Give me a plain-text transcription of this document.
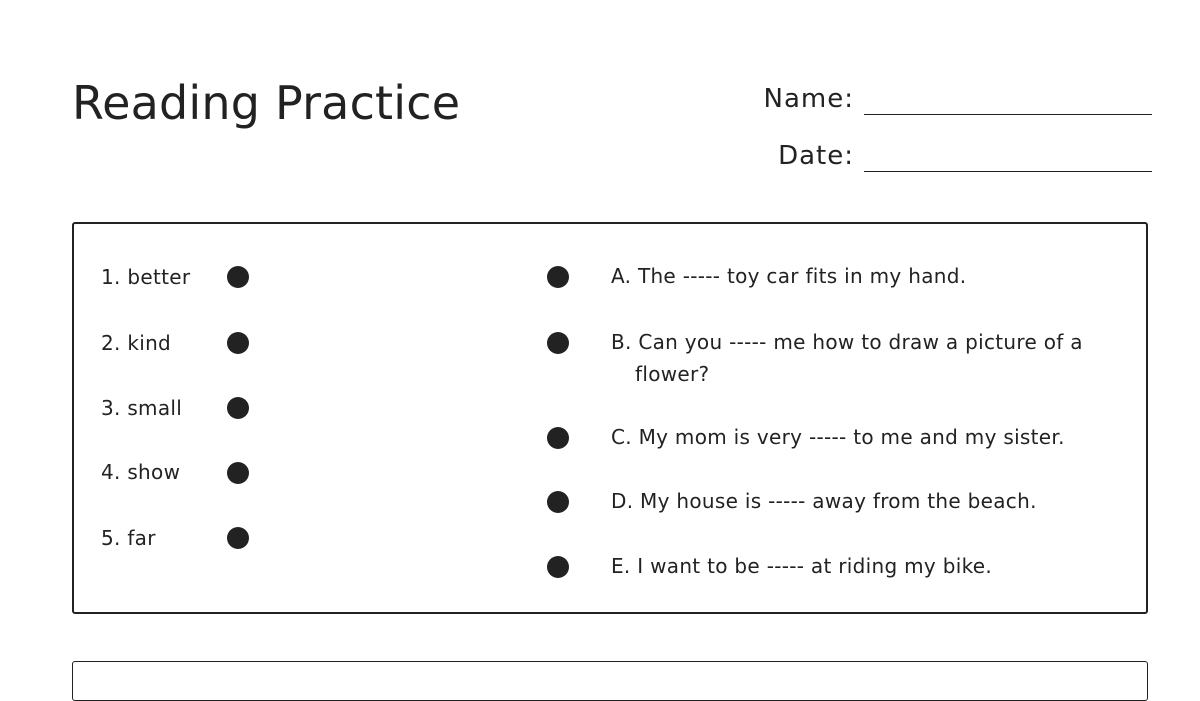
Reading Practice	Name:
Date:
1. better
2. kind
3. small
4. show
5. far
A. The ----- toy car fits in my hand.
B. Can you ----- me how to draw a picture of a flower?
C. My mom is very ----- to me and my sister.
D. My house is ----- away from the beach.
E. I want to be ----- at riding my bike.
